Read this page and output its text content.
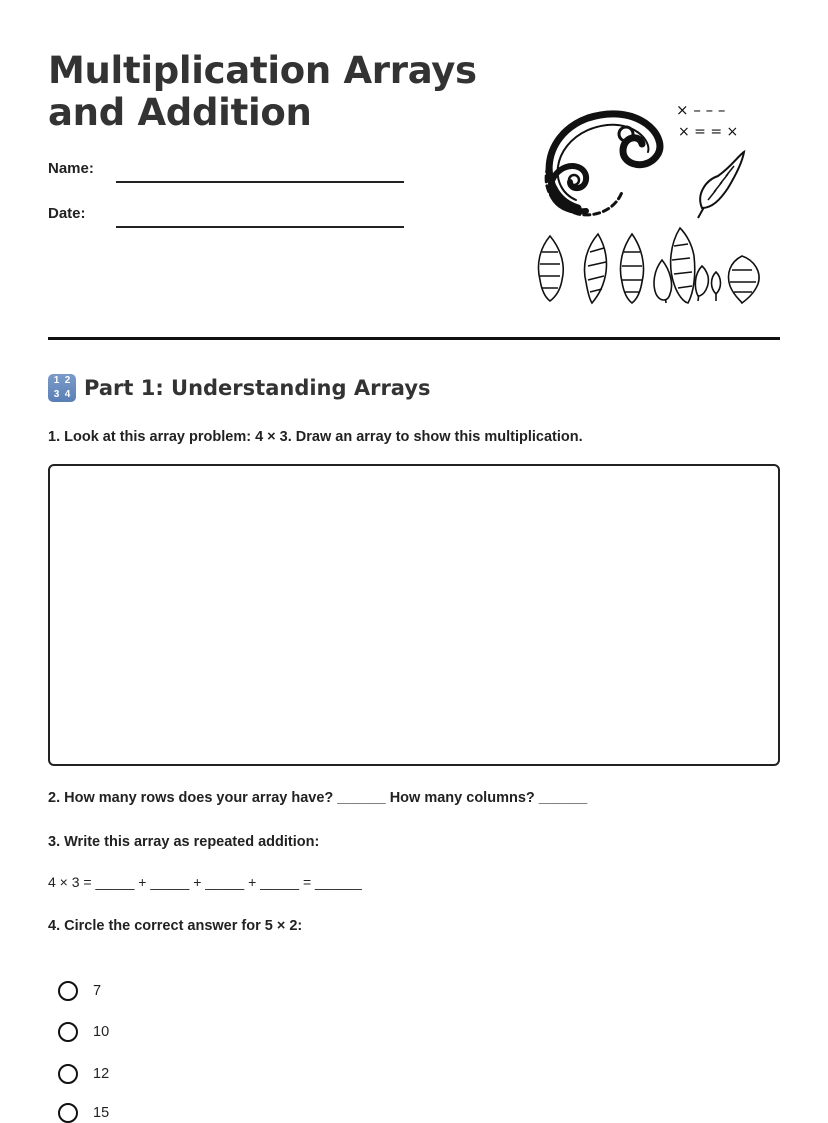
Multiplication Arrays
and Addition
Name:
Date:
× – – –
× = = ×
1 2
3 4 Part 1: Understanding Arrays
1. Look at this array problem: 4 × 3. Draw an array to show this multiplication.
2. How many rows does your array have? ______ How many columns? ______
3. Write this array as repeated addition:
4 × 3 = _____ + _____ + _____ + _____ = ______
4. Circle the correct answer for 5 × 2:
7
10
12
15
